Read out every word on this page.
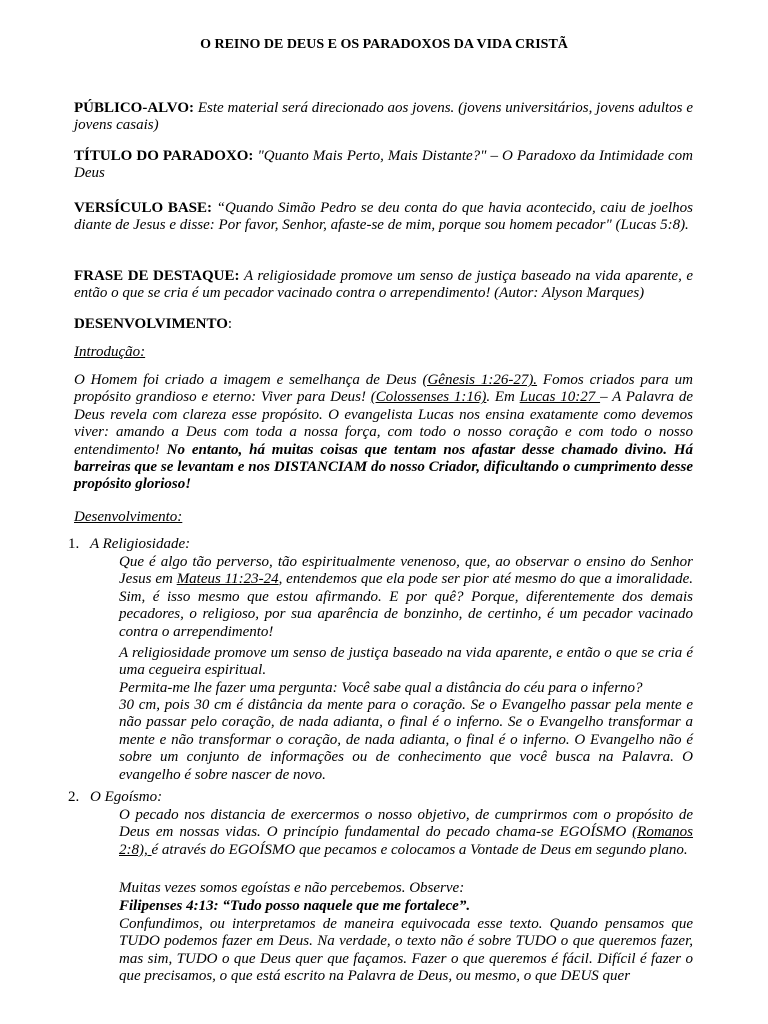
O REINO DE DEUS E OS PARADOXOS DA VIDA CRISTÃ

PÚBLICO-ALVO: Este material será direcionado aos jovens. (jovens universitários, jovens adultos e jovens casais)

TÍTULO DO PARADOXO: "Quanto Mais Perto, Mais Distante?" – O Paradoxo da Intimidade com Deus

VERSÍCULO BASE: “Quando Simão Pedro se deu conta do que havia acontecido, caiu de joelhos diante de Jesus e disse: Por favor, Senhor, afaste-se de mim, porque sou homem pecador" (Lucas 5:8).

FRASE DE DESTAQUE: A religiosidade promove um senso de justiça baseado na vida aparente, e então o que se cria é um pecador vacinado contra o arrependimento! (Autor: Alyson Marques)

DESENVOLVIMENTO:

Introdução:

O Homem foi criado a imagem e semelhança de Deus (Gênesis 1:26-27). Fomos criados para um propósito grandioso e eterno: Viver para Deus! (Colossenses 1:16). Em Lucas 10:27 – A Palavra de Deus revela com clareza esse propósito. O evangelista Lucas nos ensina exatamente como devemos viver: amando a Deus com toda a nossa força, com todo o nosso coração e com todo o nosso entendimento! No entanto, há muitas coisas que tentam nos afastar desse chamado divino. Há barreiras que se levantam e nos DISTANCIAM do nosso Criador, dificultando o cumprimento desse propósito glorioso!

Desenvolvimento:

1. A Religiosidade:

Que é algo tão perverso, tão espiritualmente venenoso, que, ao observar o ensino do Senhor Jesus em Mateus 11:23-24, entendemos que ela pode ser pior até mesmo do que a imoralidade. Sim, é isso mesmo que estou afirmando. E por quê? Porque, diferentemente dos demais pecadores, o religioso, por sua aparência de bonzinho, de certinho, é um pecador vacinado contra o arrependimento!

A religiosidade promove um senso de justiça baseado na vida aparente, e então o que se cria é uma cegueira espiritual.

Permita-me lhe fazer uma pergunta: Você sabe qual a distância do céu para o inferno?

30 cm, pois 30 cm é distância da mente para o coração. Se o Evangelho passar pela mente e não passar pelo coração, de nada adianta, o final é o inferno. Se o Evangelho transformar a mente e não transformar o coração, de nada adianta, o final é o inferno. O Evangelho não é sobre um conjunto de informações ou de conhecimento que você busca na Palavra. O evangelho é sobre nascer de novo.

2. O Egoísmo:

O pecado nos distancia de exercermos o nosso objetivo, de cumprirmos com o propósito de Deus em nossas vidas. O princípio fundamental do pecado chama-se EGOÍSMO (Romanos 2:8), é através do EGOÍSMO que pecamos e colocamos a Vontade de Deus em segundo plano.

Muitas vezes somos egoístas e não percebemos. Observe:

Filipenses 4:13: “Tudo posso naquele que me fortalece”.

Confundimos, ou interpretamos de maneira equivocada esse texto. Quando pensamos que TUDO podemos fazer em Deus. Na verdade, o texto não é sobre TUDO o que queremos fazer, mas sim, TUDO o que Deus quer que façamos. Fazer o que queremos é fácil. Difícil é fazer o que precisamos, o que está escrito na Palavra de Deus, ou mesmo, o que DEUS quer
